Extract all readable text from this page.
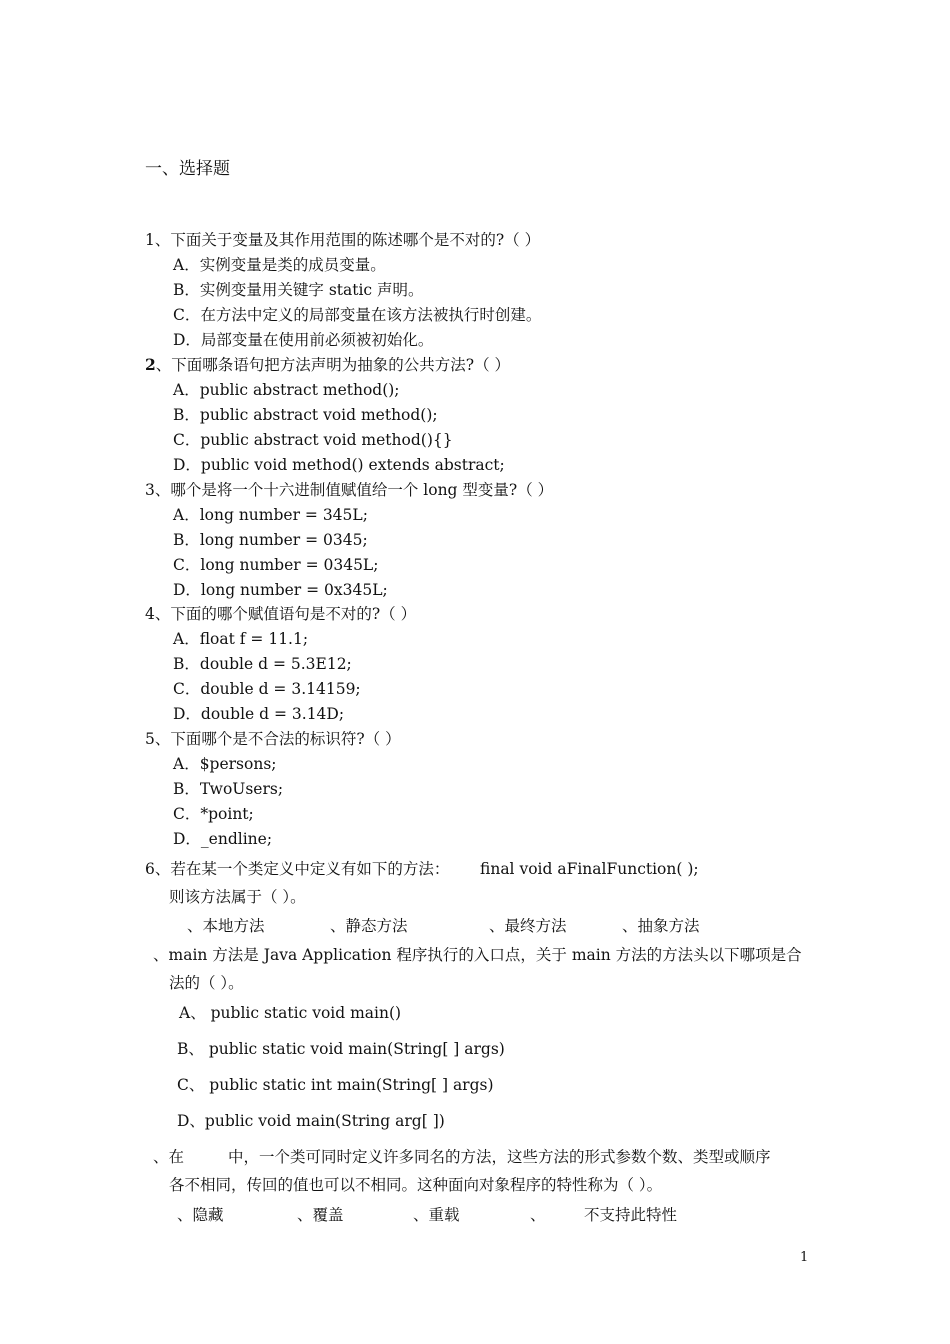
一、选择题
1、下面关于变量及其作用范围的陈述哪个是不对的?（ ）
A．实例变量是类的成员变量。
B．实例变量用关键字 static 声明。
C．在方法中定义的局部变量在该方法被执行时创建。
D．局部变量在使用前必须被初始化。
2、下面哪条语句把方法声明为抽象的公共方法?（ ）
A．public abstract method();
B．public abstract void method();
C．public abstract void method(){}
D．public void method() extends abstract;
3、哪个是将一个十六进制值赋值给一个 long 型变量?（ ）
A．long number = 345L;
B．long number = 0345;
C．long number = 0345L;
D．long number = 0x345L;
4、下面的哪个赋值语句是不对的?（ ）
A．float f = 11.1;
B．double d = 5.3E12;
C．double d = 3.14159;
D．double d = 3.14D;
5、下面哪个是不合法的标识符?（ ）
A．$persons;
B．TwoUsers;
C．*point;
D．_endline;
6、若在某一个类定义中定义有如下的方法： final void aFinalFunction( );
则该方法属于（ ）。
、本地方法	、静态方法	、最终方法	、抽象方法
、main 方法是 Java Application 程序执行的入口点，关于 main 方法的方法头以下哪项是合
法的（ ）。
A、 public static void main()
B、 public static void main(String[ ] args)
C、 public static int main(String[ ] args)
D、public void main(String arg[ ])
、在	中，一个类可同时定义许多同名的方法，这些方法的形式参数个数、类型或顺序
各不相同，传回的值也可以不相同。这种面向对象程序的特性称为（ ）。
、隐藏	、覆盖	、重载	、 不支持此特性
1
